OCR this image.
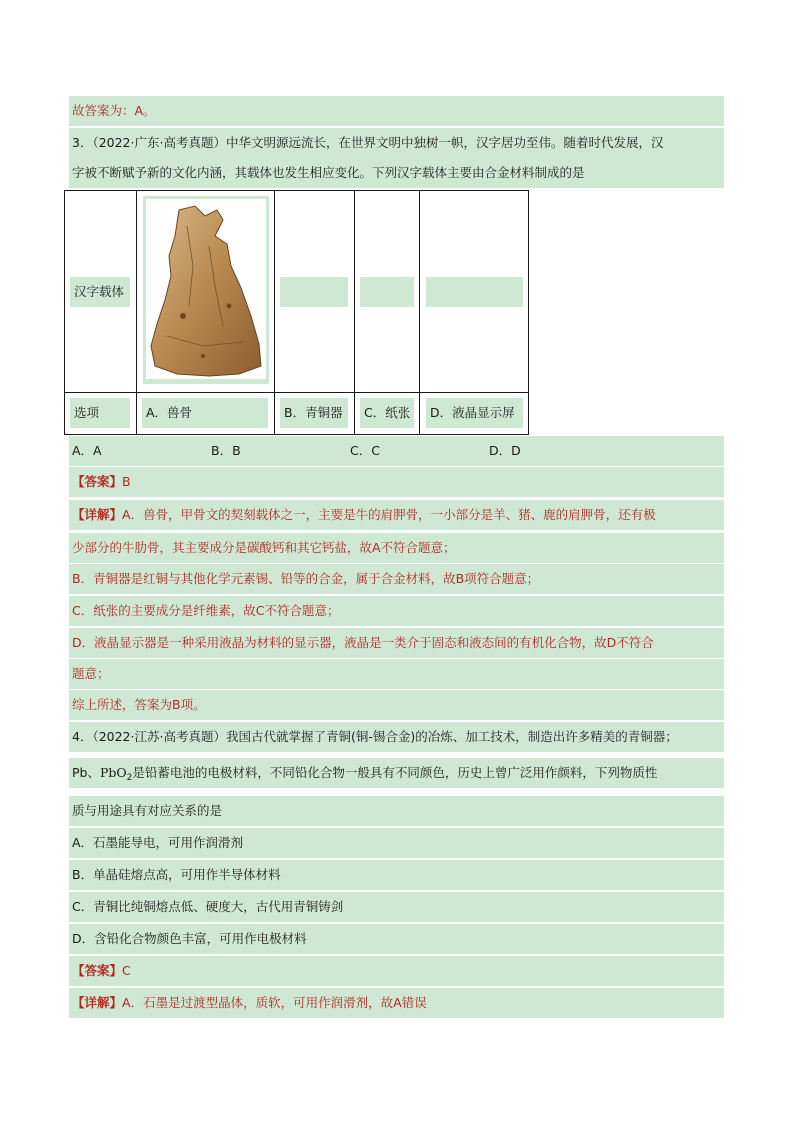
故答案为：A。
3．（2022·广东·高考真题）中华文明源远流长，在世界文明中独树一帜，汉字居功至伟。随着时代发展，汉
字被不断赋予新的文化内涵，其载体也发生相应变化。下列汉字载体主要由合金材料制成的是
汉字载体

选项	A．兽骨	B．青铜器	C．纸张	D．液晶显示屏
A．A	B．B	C．C	D．D
【答案】B
【详解】A．兽骨，甲骨文的契刻载体之一，主要是牛的肩胛骨，一小部分是羊、猪、鹿的肩胛骨，还有极
少部分的牛肋骨，其主要成分是碳酸钙和其它钙盐，故A不符合题意；
B．青铜器是红铜与其他化学元素锡、铅等的合金，属于合金材料，故B项符合题意；
C．纸张的主要成分是纤维素，故C不符合题意；
D．液晶显示器是一种采用液晶为材料的显示器，液晶是一类介于固态和液态间的有机化合物，故D不符合
题意；
综上所述，答案为B项。
4．（2022·江苏·高考真题）我国古代就掌握了青铜(铜-锡合金)的冶炼、加工技术，制造出许多精美的青铜器；
Pb、PbO$_2$是铅蓄电池的电极材料，不同铅化合物一般具有不同颜色，历史上曾广泛用作颜料，下列物质性
质与用途具有对应关系的是
A．石墨能导电，可用作润滑剂
B．单晶硅熔点高，可用作半导体材料
C．青铜比纯铜熔点低、硬度大，古代用青铜铸剑
D．含铅化合物颜色丰富，可用作电极材料
【答案】C
【详解】A．石墨是过渡型晶体，质软，可用作润滑剂，故A错误
